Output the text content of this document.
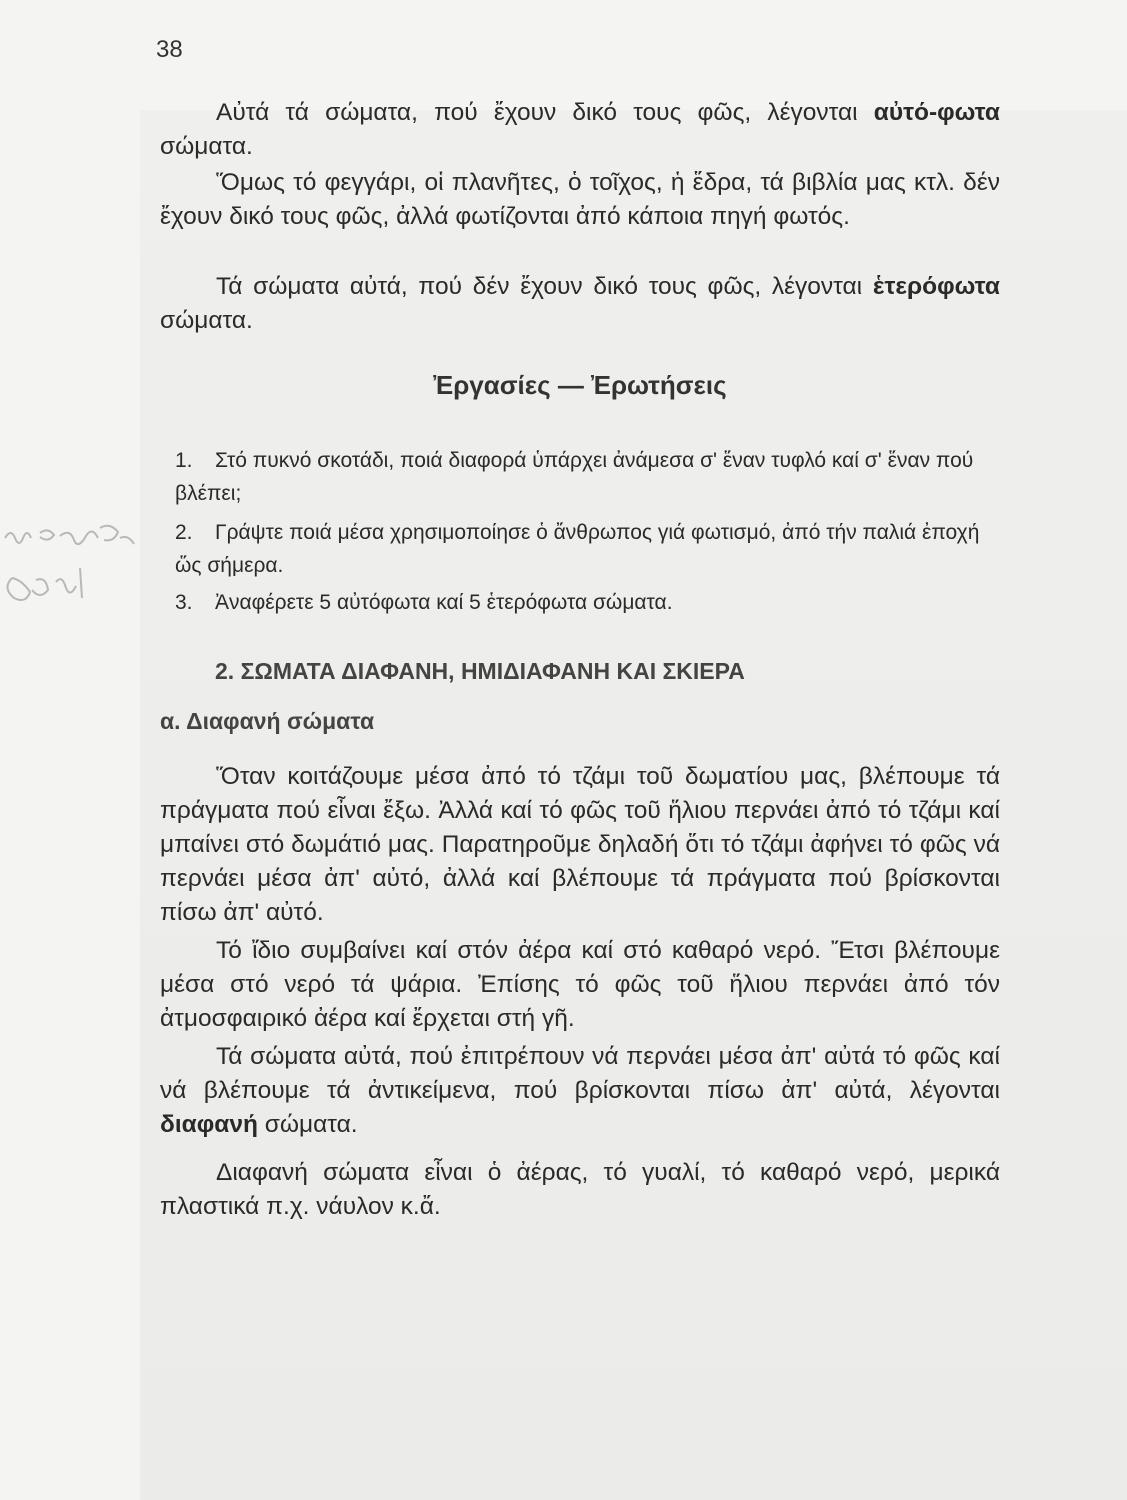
38

Αὐτά τά σώματα, πού ἔχουν δικό τους φῶς, λέγονται αὐτό-φωτα σώματα.

Ὅμως τό φεγγάρι, οἱ πλανῆτες, ὁ τοῖχος, ἡ ἕδρα, τά βιβλία μας κτλ. δέν ἔχουν δικό τους φῶς, ἀλλά φωτίζονται ἀπό κάποια πηγή φωτός.

Τά σώματα αὐτά, πού δέν ἔχουν δικό τους φῶς, λέγονται ἑτερόφωτα σώματα.

Ἐργασίες — Ἐρωτήσεις
1. Στό πυκνό σκοτάδι, ποιά διαφορά ὑπάρχει ἀνάμεσα σ' ἕναν τυφλό καί σ' ἕναν πού βλέπει;
2. Γράψτε ποιά μέσα χρησιμοποίησε ὁ ἄνθρωπος γιά φωτισμό, ἀπό τήν παλιά ἐποχή ὥς σήμερα.
3. Ἀναφέρετε 5 αὐτόφωτα καί 5 ἑτερόφωτα σώματα.
2. ΣΩΜΑΤΑ ΔΙΑΦΑΝΗ, ΗΜΙΔΙΑΦΑΝΗ ΚΑΙ ΣΚΙΕΡΑ
α. Διαφανή σώματα

Ὅταν κοιτάζουμε μέσα ἀπό τό τζάμι τοῦ δωματίου μας, βλέπουμε τά πράγματα πού εἶναι ἔξω. Ἀλλά καί τό φῶς τοῦ ἥλιου περνάει ἀπό τό τζάμι καί μπαίνει στό δωμάτιό μας. Παρατηροῦμε δηλαδή ὅτι τό τζάμι ἀφήνει τό φῶς νά περνάει μέσα ἀπ' αὐτό, ἀλλά καί βλέπουμε τά πράγματα πού βρίσκονται πίσω ἀπ' αὐτό.

Τό ἴδιο συμβαίνει καί στόν ἀέρα καί στό καθαρό νερό. Ἔτσι βλέπουμε μέσα στό νερό τά ψάρια. Ἐπίσης τό φῶς τοῦ ἥλιου περνάει ἀπό τόν ἀτμοσφαιρικό ἀέρα καί ἔρχεται στή γῆ.

Τά σώματα αὐτά, πού ἐπιτρέπουν νά περνάει μέσα ἀπ' αὐτά τό φῶς καί νά βλέπουμε τά ἀντικείμενα, πού βρίσκονται πίσω ἀπ' αὐτά, λέγονται διαφανή σώματα.

Διαφανή σώματα εἶναι ὁ ἀέρας, τό γυαλί, τό καθαρό νερό, μερικά πλαστικά π.χ. νάυλον κ.ἄ.
